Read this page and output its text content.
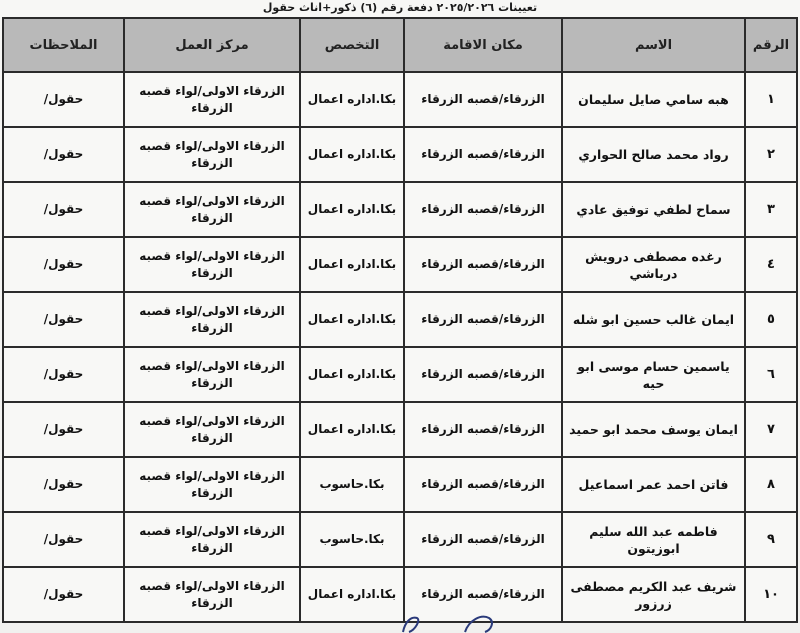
تعيينات ٢٠٢٥/٢٠٢٦ دفعة رقم (٦) ذكور+اناث حقول
الرقم	الاسم	مكان الاقامة	التخصص	مركز العمل	الملاحظات
١	هبه سامي صايل سليمان	الزرقاء/قصبه الزرقاء	بكا.اداره اعمال	الزرقاء الاولى/لواء قصبه الزرقاء	حقول/
٢	رواد محمد صالح الحواري	الزرقاء/قصبه الزرقاء	بكا.اداره اعمال	الزرقاء الاولى/لواء قصبه الزرقاء	حقول/
٣	سماح لطفي توفيق عادي	الزرقاء/قصبه الزرقاء	بكا.اداره اعمال	الزرقاء الاولى/لواء قصبه الزرقاء	حقول/
٤	رغده مصطفى درويش درباشي	الزرقاء/قصبه الزرقاء	بكا.اداره اعمال	الزرقاء الاولى/لواء قصبه الزرقاء	حقول/
٥	ايمان غالب حسين ابو شله	الزرقاء/قصبه الزرقاء	بكا.اداره اعمال	الزرقاء الاولى/لواء قصبه الزرقاء	حقول/
٦	ياسمين حسام موسى ابو حيه	الزرقاء/قصبه الزرقاء	بكا.اداره اعمال	الزرقاء الاولى/لواء قصبه الزرقاء	حقول/
٧	ايمان يوسف محمد ابو حميد	الزرقاء/قصبه الزرقاء	بكا.اداره اعمال	الزرقاء الاولى/لواء قصبه الزرقاء	حقول/
٨	فاتن احمد عمر اسماعيل	الزرقاء/قصبه الزرقاء	بكا.حاسوب	الزرقاء الاولى/لواء قصبه الزرقاء	حقول/
٩	فاطمه عبد الله سليم ابوزيتون	الزرقاء/قصبه الزرقاء	بكا.حاسوب	الزرقاء الاولى/لواء قصبه الزرقاء	حقول/
١٠	شريف عبد الكريم مصطفى زرزور	الزرقاء/قصبه الزرقاء	بكا.اداره اعمال	الزرقاء الاولى/لواء قصبه الزرقاء	حقول/
